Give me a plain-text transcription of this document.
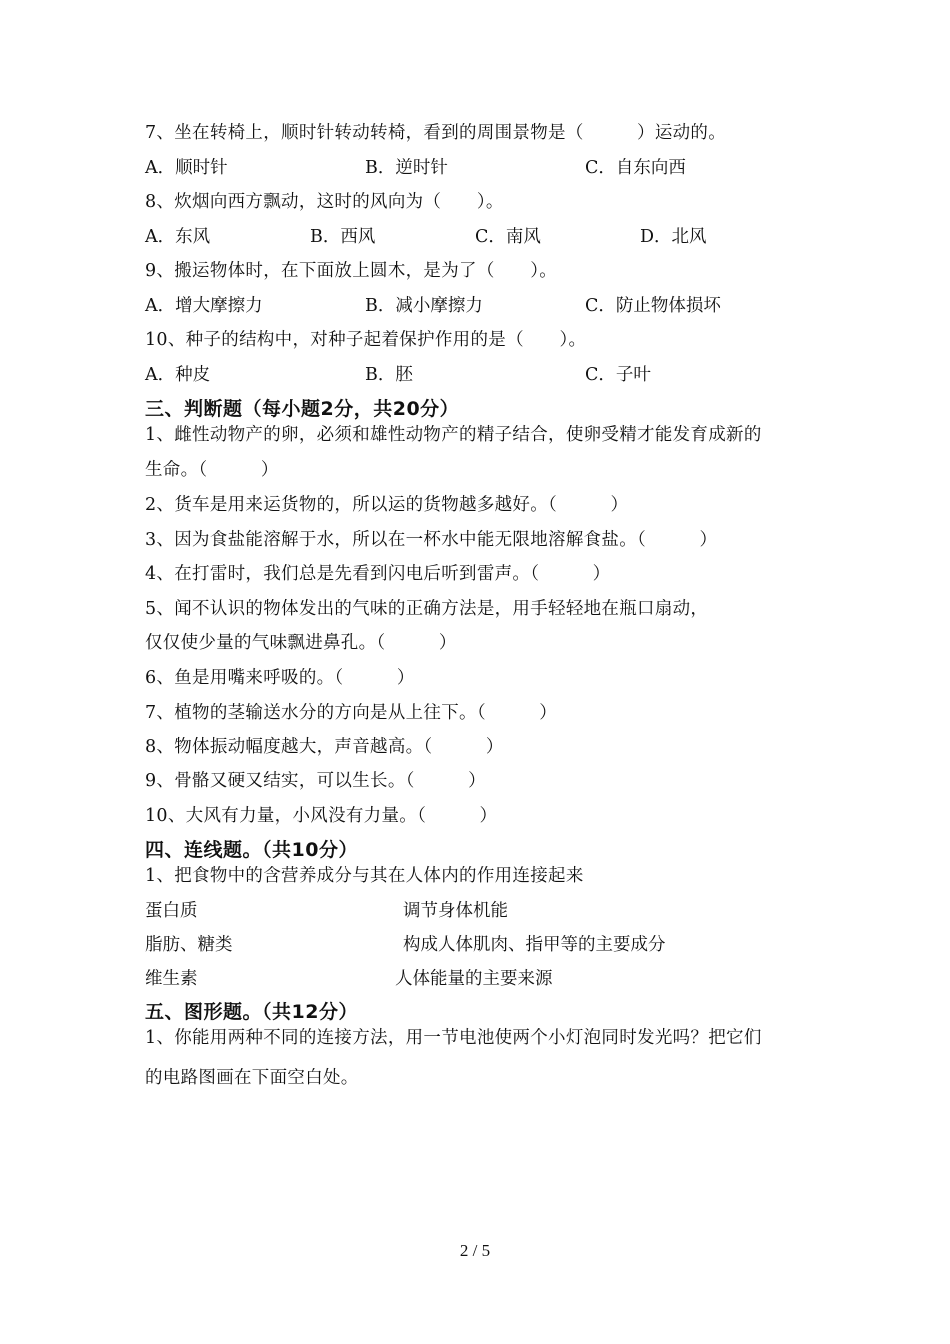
7、坐在转椅上，顺时针转动转椅，看到的周围景物是（　　　）运动的。
A．顺时针	B．逆时针	C．自东向西
8、炊烟向西方飘动，这时的风向为（　　）。
A．东风	B．西风	C．南风	D．北风
9、搬运物体时，在下面放上圆木，是为了（　　）。
A．增大摩擦力	B．减小摩擦力	C．防止物体损坏
10、种子的结构中，对种子起着保护作用的是（　　）。
A．种皮	B．胚	C．子叶
三、判断题（每小题2分，共20分）
1、雌性动物产的卵，必须和雄性动物产的精子结合，使卵受精才能发育成新的
生命。（　　　）
2、货车是用来运货物的，所以运的货物越多越好。（　　　）
3、因为食盐能溶解于水，所以在一杯水中能无限地溶解食盐。（　　　）
4、在打雷时，我们总是先看到闪电后听到雷声。（　　　）
5、闻不认识的物体发出的气味的正确方法是，用手轻轻地在瓶口扇动，
仅仅使少量的气味飘进鼻孔。（　　　）
6、鱼是用嘴来呼吸的。（　　　）
7、植物的茎输送水分的方向是从上往下。（　　　）
8、物体振动幅度越大，声音越高。（　　　）
9、骨骼又硬又结实，可以生长。（　　　）
10、大风有力量，小风没有力量。（　　　）
四、连线题。（共10分）
1、把食物中的含营养成分与其在人体内的作用连接起来
蛋白质	调节身体机能
脂肪、糖类	构成人体肌肉、指甲等的主要成分
维生素	人体能量的主要来源
五、图形题。（共12分）
1、你能用两种不同的连接方法，用一节电池使两个小灯泡同时发光吗？把它们
的电路图画在下面空白处。
2 / 5
